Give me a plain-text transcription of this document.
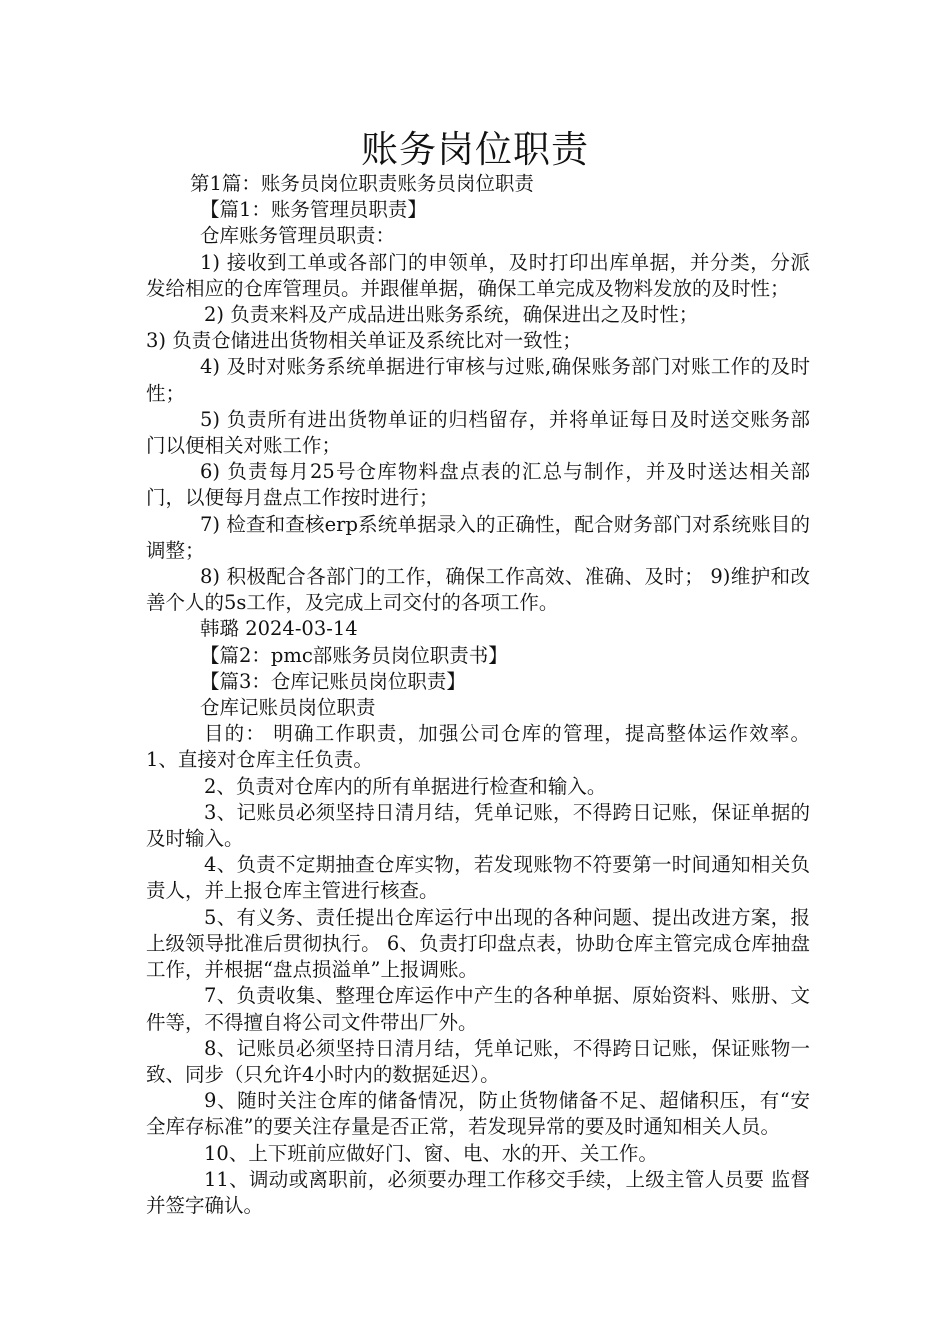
账务岗位职责

第1篇：账务员岗位职责账务员岗位职责

【篇1：账务管理员职责】

仓库账务管理员职责：

1) 接收到工单或各部门的申领单，及时打印出库单据，并分类，分派发给相应的仓库管理员。并跟催单据，确保工单完成及物料发放的及时性；

2) 负责来料及产成品进出账务系统，确保进出之及时性；

3) 负责仓储进出货物相关单证及系统比对一致性；

4) 及时对账务系统单据进行审核与过账,确保账务部门对账工作的及时性；

5) 负责所有进出货物单证的归档留存，并将单证每日及时送交账务部门以便相关对账工作；

6) 负责每月25号仓库物料盘点表的汇总与制作，并及时送达相关部门，以便每月盘点工作按时进行；

7) 检查和查核erp系统单据录入的正确性，配合财务部门对系统账目的调整；

8) 积极配合各部门的工作，确保工作高效、准确、及时； 9)维护和改善个人的5s工作，及完成上司交付的各项工作。

韩璐 2024-03-14

【篇2：pmc部账务员岗位职责书】

【篇3：仓库记账员岗位职责】

仓库记账员岗位职责

目的： 明确工作职责，加强公司仓库的管理，提高整体运作效率。 1、直接对仓库主任负责。

2、负责对仓库内的所有单据进行检查和输入。

3、记账员必须坚持日清月结，凭单记账，不得跨日记账，保证单据的及时输入。

4、负责不定期抽查仓库实物，若发现账物不符要第一时间通知相关负责人，并上报仓库主管进行核查。

5、有义务、责任提出仓库运行中出现的各种问题、提出改进方案，报上级领导批准后贯彻执行。 6、负责打印盘点表，协助仓库主管完成仓库抽盘工作，并根据“盘点损溢单”上报调账。

7、负责收集、整理仓库运作中产生的各种单据、原始资料、账册、文件等，不得擅自将公司文件带出厂外。

8、记账员必须坚持日清月结，凭单记账，不得跨日记账，保证账物一致、同步（只允许4小时内的数据延迟）。

9、随时关注仓库的储备情况，防止货物储备不足、超储积压，有“安全库存标准”的要关注存量是否正常，若发现异常的要及时通知相关人员。

10、上下班前应做好门、窗、电、水的开、关工作。

11、调动或离职前，必须要办理工作移交手续，上级主管人员要 监督并签字确认。
